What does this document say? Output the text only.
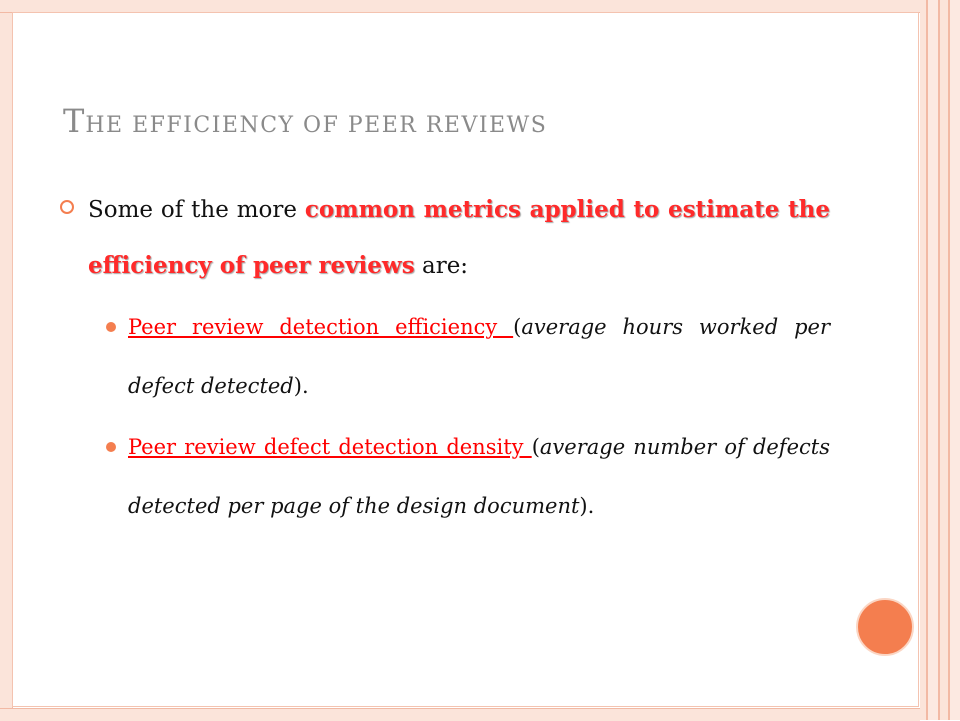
THE EFFICIENCY OF PEER REVIEWS

Some of the more common metrics applied to estimate the efficiency of peer reviews are:

Peer review detection efficiency (average hours worked per defect detected).

Peer review defect detection density (average number of defects detected per page of the design document).
